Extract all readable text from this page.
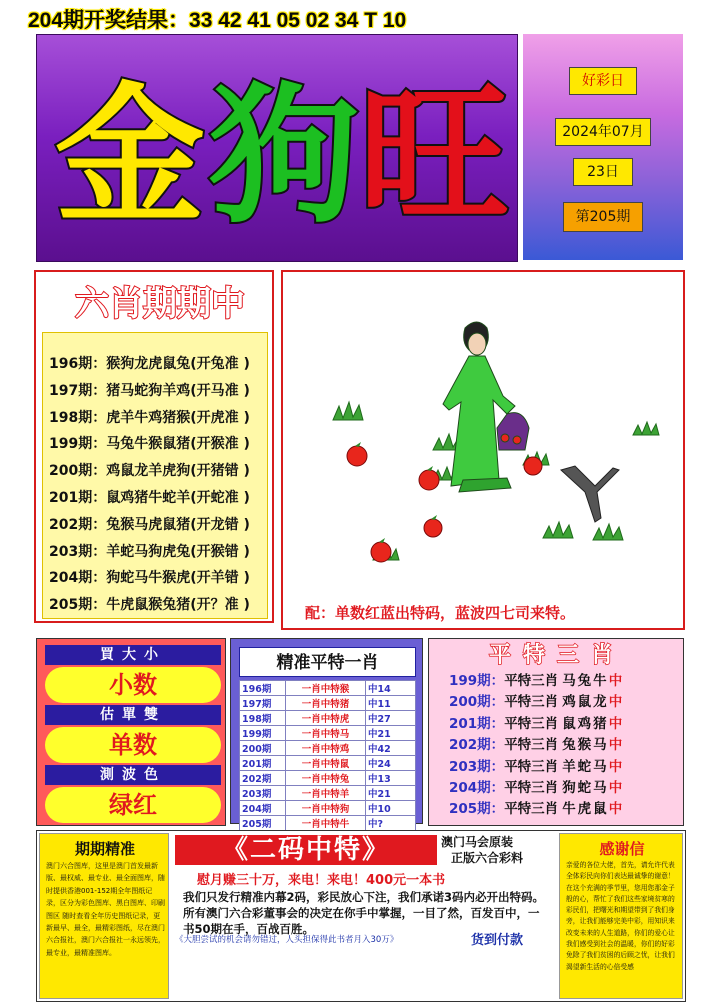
204期开奖结果：33 42 41 05 02 34 T 10
金 狗 旺	好彩日
2024年07月
23日
第205期
六肖期期中
196期：猴狗龙虎鼠兔(开兔准 )
197期：猪马蛇狗羊鸡(开马准 )
198期：虎羊牛鸡猪猴(开虎准 )
199期：马兔牛猴鼠猪(开猴准 )
200期：鸡鼠龙羊虎狗(开猪错 )
201期：鼠鸡猪牛蛇羊(开蛇准 )
202期：兔猴马虎鼠猪(开龙错 )
203期：羊蛇马狗虎兔(开猴错 )
204期：狗蛇马牛猴虎(开羊错 )
205期：牛虎鼠猴兔猪(开？准 )	配：单数红蓝出特码，蓝波四七司来特。
買大小
小数
估單雙
单数
測波色
绿红
精准平特一肖
196期	一肖中特猴	中14
197期	一肖中特猪	中11
198期	一肖中特虎	中27
199期	一肖中特马	中21
200期	一肖中特鸡	中42
201期	一肖中特鼠	中24
202期	一肖中特兔	中13
203期	一肖中特羊	中21
204期	一肖中特狗	中10
205期	一肖中特牛	中?
平特三肖
199期：平特三肖 马兔牛中
200期：平特三肖 鸡鼠龙中
201期：平特三肖 鼠鸡猪中
202期：平特三肖 兔猴马中
203期：平特三肖 羊蛇马中
204期：平特三肖 狗蛇马中
205期：平特三肖 牛虎鼠中
期期精准
澳门六合图库，这里是澳门首发最新版、最权威、最专业、最全面图库，随时提供香港001-152期全年图纸记录，区分为彩色图库、黑白图库、印刷图区 随时查看全年历史图纸记录，更新最早、最全，最精彩图纸，尽在澳门六合报社，澳门六合报社一永远领先，最专业，最精准图库。
《二码中特》	澳门马会原装
正版六合彩料
慰月赚三十万，来电！来电！400元一本书
我们只发行精准内幕2码，彩民放心下注，我们承诺3码内必开出特码。所有澳门六合彩董事会的决定在你手中掌握，一目了然，百发百中，一书50期在手，百战百胜。
《大胆尝试的机会请勿错过，人头担保得此书者月入30万》	货到付款
感谢信
亲爱的各位大佬，首先，请允许代表全体彩民向你们表达最诚挚的谢意！在这个充满的季节里，您用您那金子般的心，帮忙了我们这些家境贫寒的彩民们，把曙光和期望带到了我们身旁，让我们能够完美中彩，用知识来改变未来的人生道路，你们的爱心让我们感受到社会的温暖，你们的好彩免除了我们贫困的后顾之忧，让我们渴望新生活的心倍受感
